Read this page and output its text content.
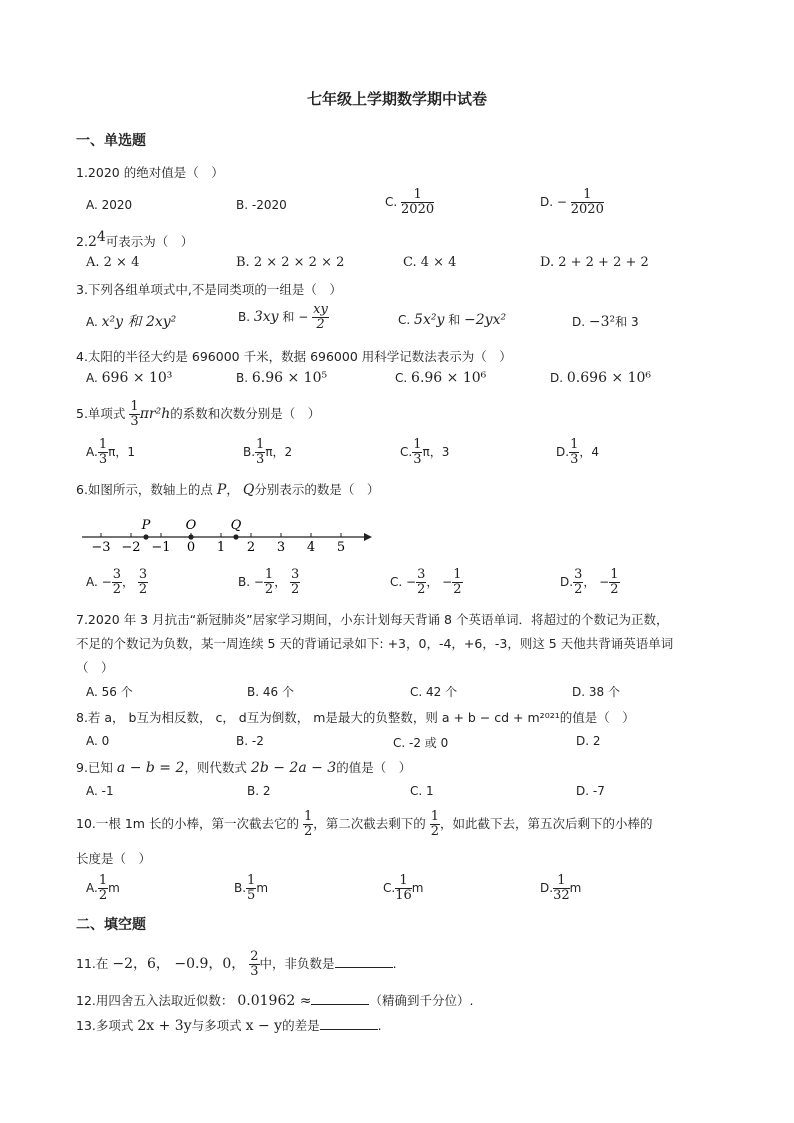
七年级上学期数学期中试卷
一、单选题
1.2020 的绝对值是（　）
A. 2020	B. -2020	C. $\frac{1}{2020}$	D. − $\frac{1}{2020}$
$2.2^4$可表示为（　）
A. 2 × 4	B. 2 × 2 × 2 × 2	C. 4 × 4	D. 2 + 2 + 2 + 2
3.下列各组单项式中,不是同类项的一组是（　）
A. x²y 和 2xy²	B. 3xy 和 − $\frac{xy}{2}$	C. 5x²y 和 −2yx²	D. −3²和 3
4.太阳的半径大约是 696000 千米，数据 696000 用科学记数法表示为（　）
A. 696 × 10³	B. 6.96 × 10⁵	C. 6.96 × 10⁶	D. 0.696 × 10⁶
5.单项式 $\frac{1}{3} \pi r^2h$的系数和次数分别是（　）
A. $\frac{1}{3}$ π，1	B. $\frac{1}{3}$ π，2	C. $\frac{1}{3}$ π，3	D. $\frac{1}{3}$ ，4
6.如图所示，数轴上的点 P， Q分别表示的数是（　）
−3 −2 −1 0 1 2 3 4 5
P	O	Q
A. − $\frac{3}{2}$ ， $\frac{3}{2}$	B. − $\frac{1}{2}$ ， $\frac{3}{2}$	C. − $\frac{3}{2}$ ， − $\frac{1}{2}$	D. $\frac{3}{2}$ ， − $\frac{1}{2}$
7.2020 年 3 月抗击“新冠肺炎”居家学习期间，小东计划每天背诵 8 个英语单词．将超过的个数记为正数，
不足的个数记为负数，某一周连续 5 天的背诵记录如下: +3，0，-4，+6，-3，则这 5 天他共背诵英语单词
（　）
A. 56 个	B. 46 个	C. 42 个	D. 38 个
8.若 a， b互为相反数， c， d互为倒数， m是最大的负整数，则 a + b − cd + m²⁰²¹的值是（　）
A. 0	B. -2	C. -2 或 0	D. 2
9.已知 a − b = 2，则代数式 2b − 2a − 3的值是（　）
A. -1	B. 2	C. 1	D. -7
10.一根 1m 长的小棒，第一次截去它的 $\frac{1}{2}$ ，第二次截去剩下的 $\frac{1}{2}$ ，如此截下去，第五次后剩下的小棒的
长度是（　）
A. $\frac{1}{2}$ m	B. $\frac{1}{5}$ m	C. $\frac{1}{16}$ m	D. $\frac{1}{32}$ m
二、填空题
11.在 −2，6， −0.9，0， $\frac{2}{3}$ 中，非负数是	.
12.用四舍五入法取近似数： 0.01962 ≈	（精确到千分位）.
13.多项式 2x + 3y与多项式 x − y的差是	.
